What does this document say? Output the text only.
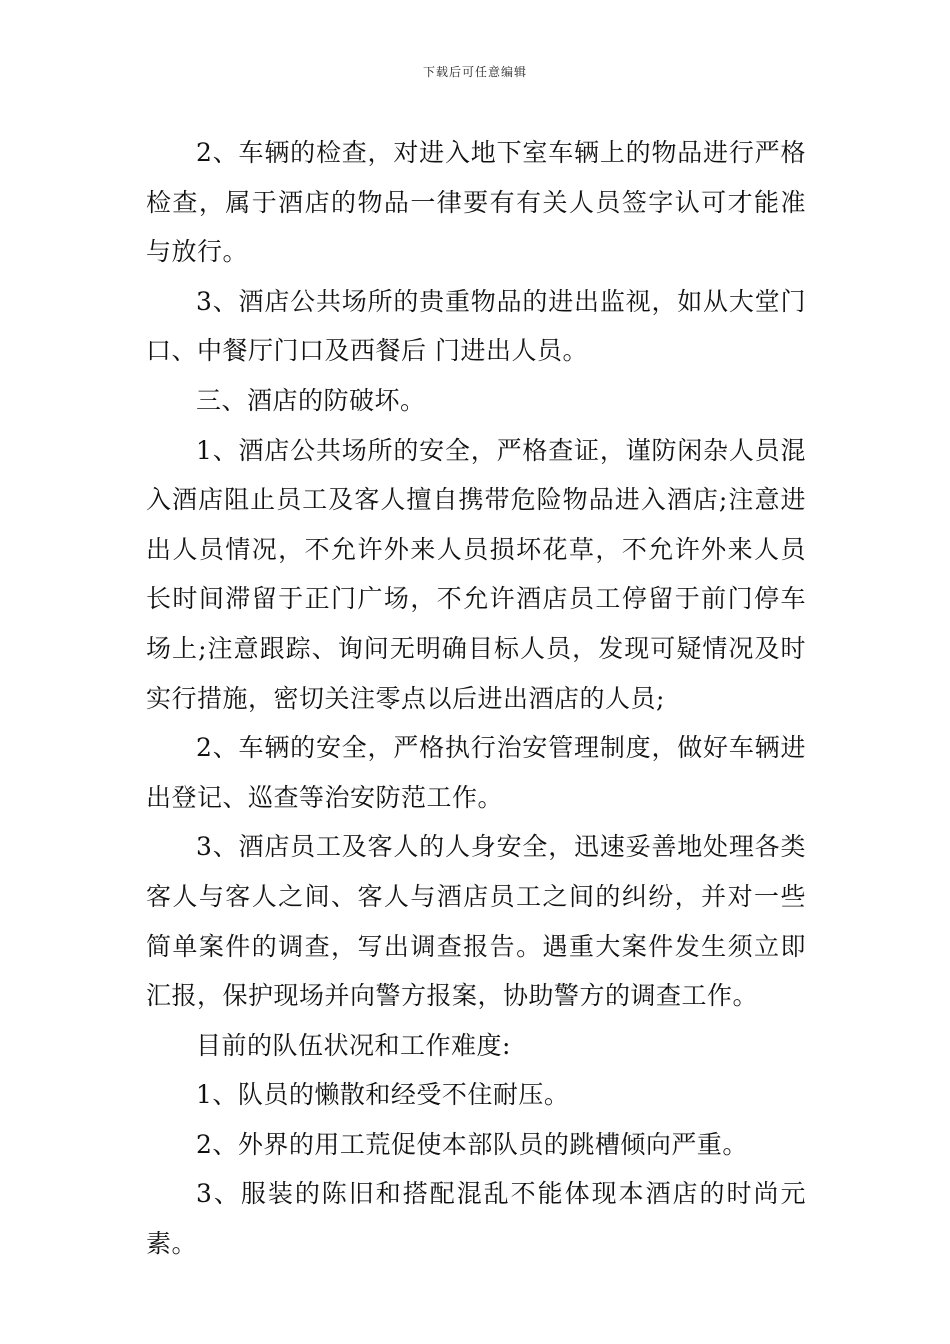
下载后可任意编辑

2、车辆的检查，对进入地下室车辆上的物品进行严格检查，属于酒店的物品一律要有有关人员签字认可才能准与放行。

3、酒店公共场所的贵重物品的进出监视，如从大堂门口、中餐厅门口及西餐后 门进出人员。

三、酒店的防破坏。

1、酒店公共场所的安全，严格查证，谨防闲杂人员混入酒店阻止员工及客人擅自携带危险物品进入酒店;注意进出人员情况，不允许外来人员损坏花草，不允许外来人员长时间滞留于正门广场，不允许酒店员工停留于前门停车场上;注意跟踪、询问无明确目标人员，发现可疑情况及时实行措施，密切关注零点以后进出酒店的人员;

2、车辆的安全，严格执行治安管理制度，做好车辆进出登记、巡查等治安防范工作。

3、酒店员工及客人的人身安全，迅速妥善地处理各类客人与客人之间、客人与酒店员工之间的纠纷，并对一些简单案件的调查，写出调查报告。遇重大案件发生须立即汇报，保护现场并向警方报案，协助警方的调查工作。

目前的队伍状况和工作难度:

1、队员的懒散和经受不住耐压。

2、外界的用工荒促使本部队员的跳槽倾向严重。

3、服装的陈旧和搭配混乱不能体现本酒店的时尚元素。
